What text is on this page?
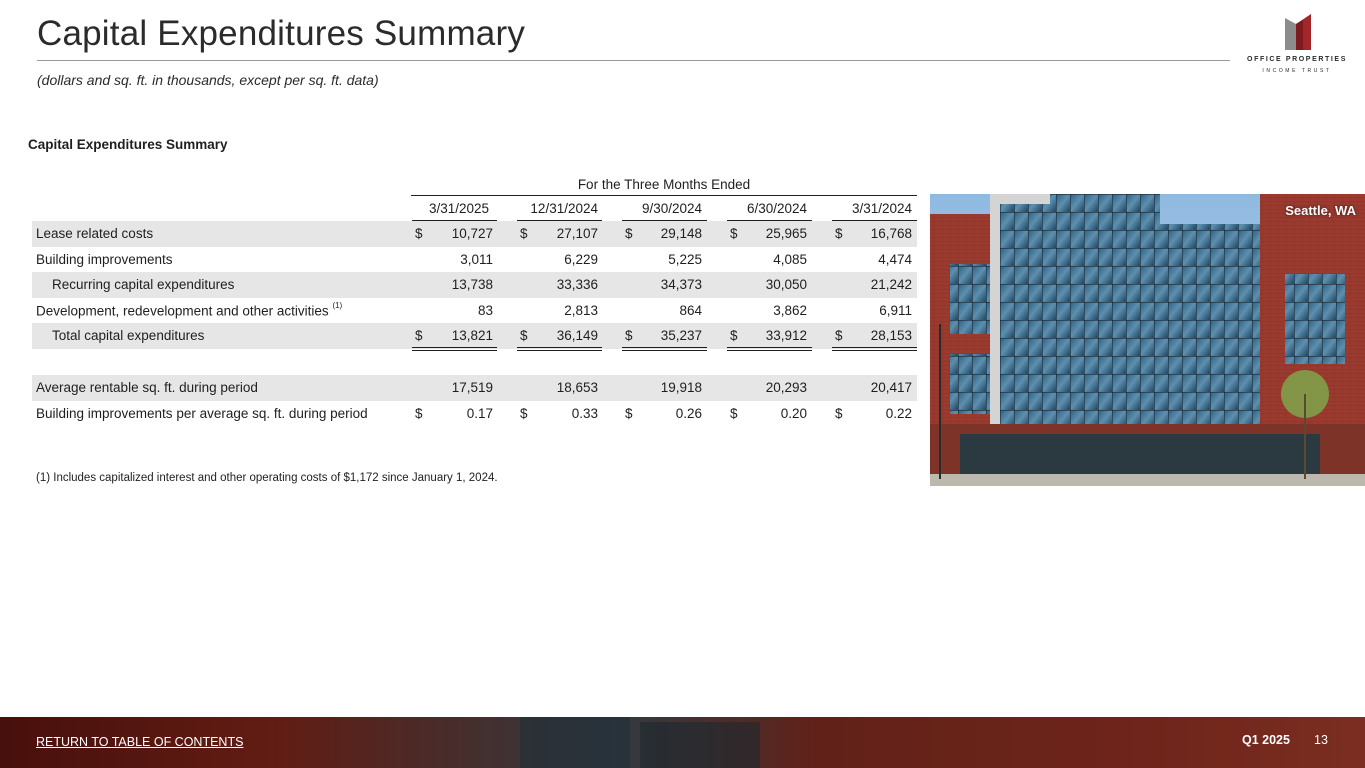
Capital Expenditures Summary
(dollars and sq. ft. in thousands, except per sq. ft. data)
OFFICE PROPERTIES
INCOME TRUST
Capital Expenditures Summary
For the Three Months Ended
3/31/2025	12/31/2024	9/30/2024	6/30/2024	3/31/2024
Lease related costs	$	10,727 $	27,107 $	29,148 $	25,965 $	16,768
Building improvements	3,011	6,229	5,225	4,085	4,474
Recurring capital expenditures	13,738	33,336	34,373	30,050	21,242
Development, redevelopment and other activities $^{(1)}$	83	2,813	864	3,862	6,911
Total capital expenditures	$	13,821 $	36,149 $	35,237 $	33,912 $	28,153
Average rentable sq. ft. during period	17,519	18,653	19,918	20,293	20,417
Building improvements per average sq. ft. during period	$	0.17 $	0.33 $	0.26 $	0.20 $	0.22
(1) Includes capitalized interest and other operating costs of $1,172 since January 1, 2024.
Seattle, WA
RETURN TO TABLE OF CONTENTS	Q1 2025 13
